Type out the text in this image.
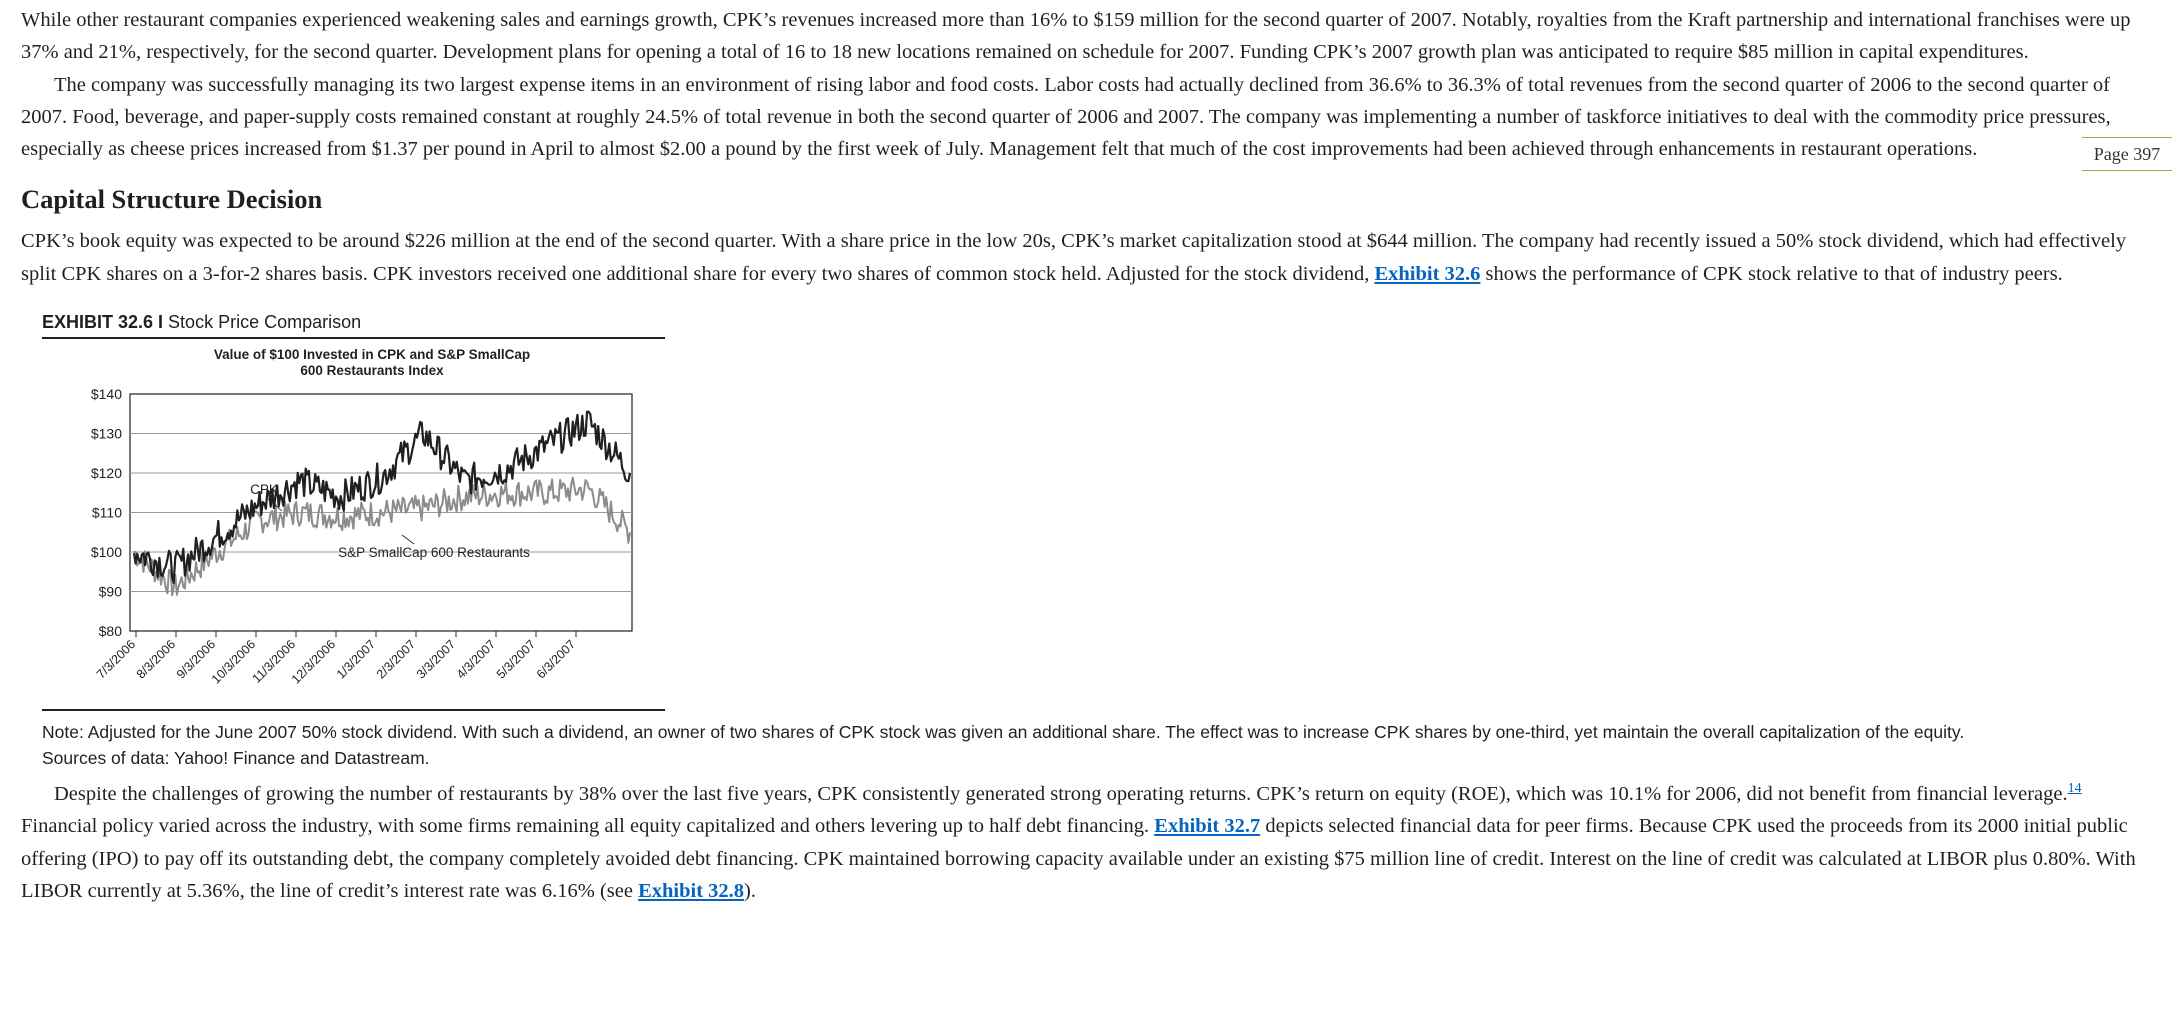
Page 397

While other restaurant companies experienced weakening sales and earnings growth, CPK’s revenues increased more than 16% to $159 million for the second quarter of 2007. Notably, royalties from the Kraft partnership and international franchises were up 37% and 21%, respectively, for the second quarter. Development plans for opening a total of 16 to 18 new locations remained on schedule for 2007. Funding CPK’s 2007 growth plan was anticipated to require $85 million in capital expenditures.

The company was successfully managing its two largest expense items in an environment of rising labor and food costs. Labor costs had actually declined from 36.6% to 36.3% of total revenues from the second quarter of 2006 to the second quarter of 2007. Food, beverage, and paper-supply costs remained constant at roughly 24.5% of total revenue in both the second quarter of 2006 and 2007. The company was implementing a number of taskforce initiatives to deal with the commodity price pressures, especially as cheese prices increased from $1.37 per pound in April to almost $2.00 a pound by the first week of July. Management felt that much of the cost improvements had been achieved through enhancements in restaurant operations.

Capital Structure Decision

CPK’s book equity was expected to be around $226 million at the end of the second quarter. With a share price in the low 20s, CPK’s market capitalization stood at $644 million. The company had recently issued a 50% stock dividend, which had effectively split CPK shares on a 3-for-2 shares basis. CPK investors received one additional share for every two shares of common stock held. Adjusted for the stock dividend, Exhibit 32.6 shows the performance of CPK stock relative to that of industry peers.

EXHIBIT 32.6 I Stock Price Comparison
Value of $100 Invested in CPK and S&P SmallCap
600 Restaurants Index
$80
$90
$100
$110
$120
$130
$140
7/3/2006
8/3/2006
9/3/2006
10/3/2006
11/3/2006
12/3/2006
1/3/2007
2/3/2007
3/3/2007
4/3/2007
5/3/2007
6/3/2007
CPK
S&P SmallCap 600 Restaurants
Note: Adjusted for the June 2007 50% stock dividend. With such a dividend, an owner of two shares of CPK stock was given an additional share. The effect was to increase CPK shares by one-third, yet maintain the overall capitalization of the equity.
Sources of data: Yahoo! Finance and Datastream.

Despite the challenges of growing the number of restaurants by 38% over the last five years, CPK consistently generated strong operating returns. CPK’s return on equity (ROE), which was 10.1% for 2006, did not benefit from financial leverage.$^{14}$ Financial policy varied across the industry, with some firms remaining all equity capitalized and others levering up to half debt financing. Exhibit 32.7 depicts selected financial data for peer firms. Because CPK used the proceeds from its 2000 initial public offering (IPO) to pay off its outstanding debt, the company completely avoided debt financing. CPK maintained borrowing capacity available under an existing $75 million line of credit. Interest on the line of credit was calculated at LIBOR plus 0.80%. With LIBOR currently at 5.36%, the line of credit’s interest rate was 6.16% (see Exhibit 32.8).
